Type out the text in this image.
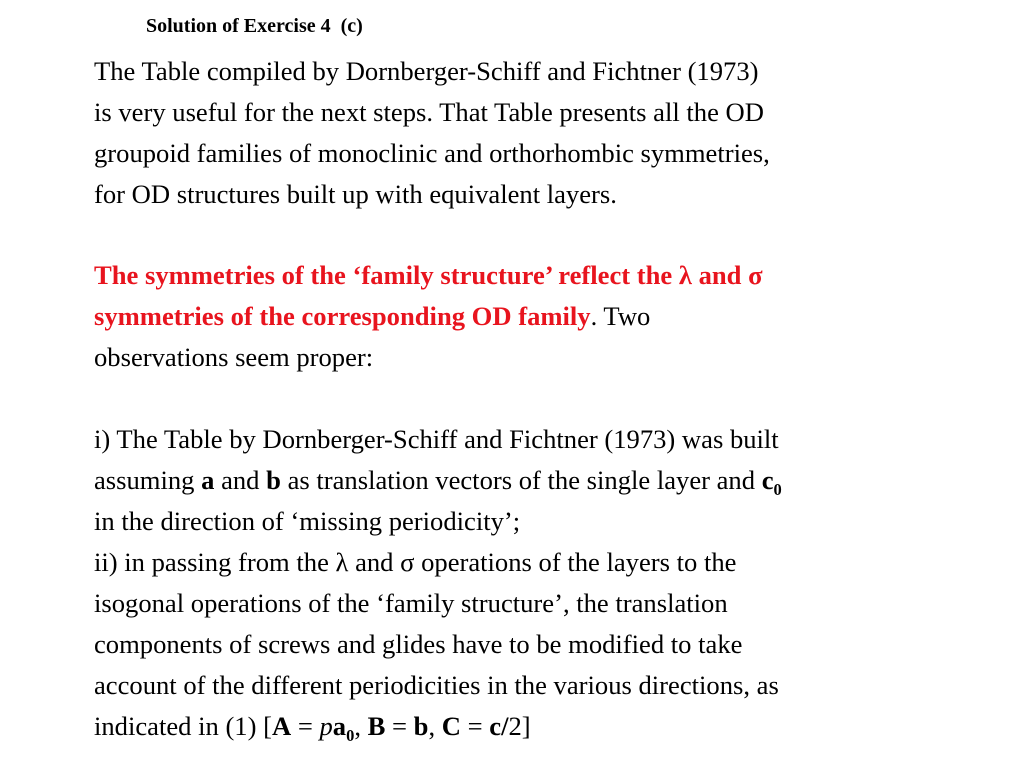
Solution of Exercise 4  (c)
The Table compiled by Dornberger-Schiff and Fichtner (1973)
is very useful for the next steps. That Table presents all the OD
groupoid families of monoclinic and orthorhombic symmetries,
for OD structures built up with equivalent layers.
The symmetries of the ‘family structure’ reflect the λ and σ
symmetries of the corresponding OD family. Two
observations seem proper:
i) The Table by Dornberger-Schiff and Fichtner (1973) was built
assuming a and b as translation vectors of the single layer and $c_0$
in the direction of ‘missing periodicity’;
ii) in passing from the λ and σ operations of the layers to the
isogonal operations of the ‘family structure’, the translation
components of screws and glides have to be modified to take
account of the different periodicities in the various directions, as
indicated in (1) [$A = pa_0$, B = b, C = c/2]
